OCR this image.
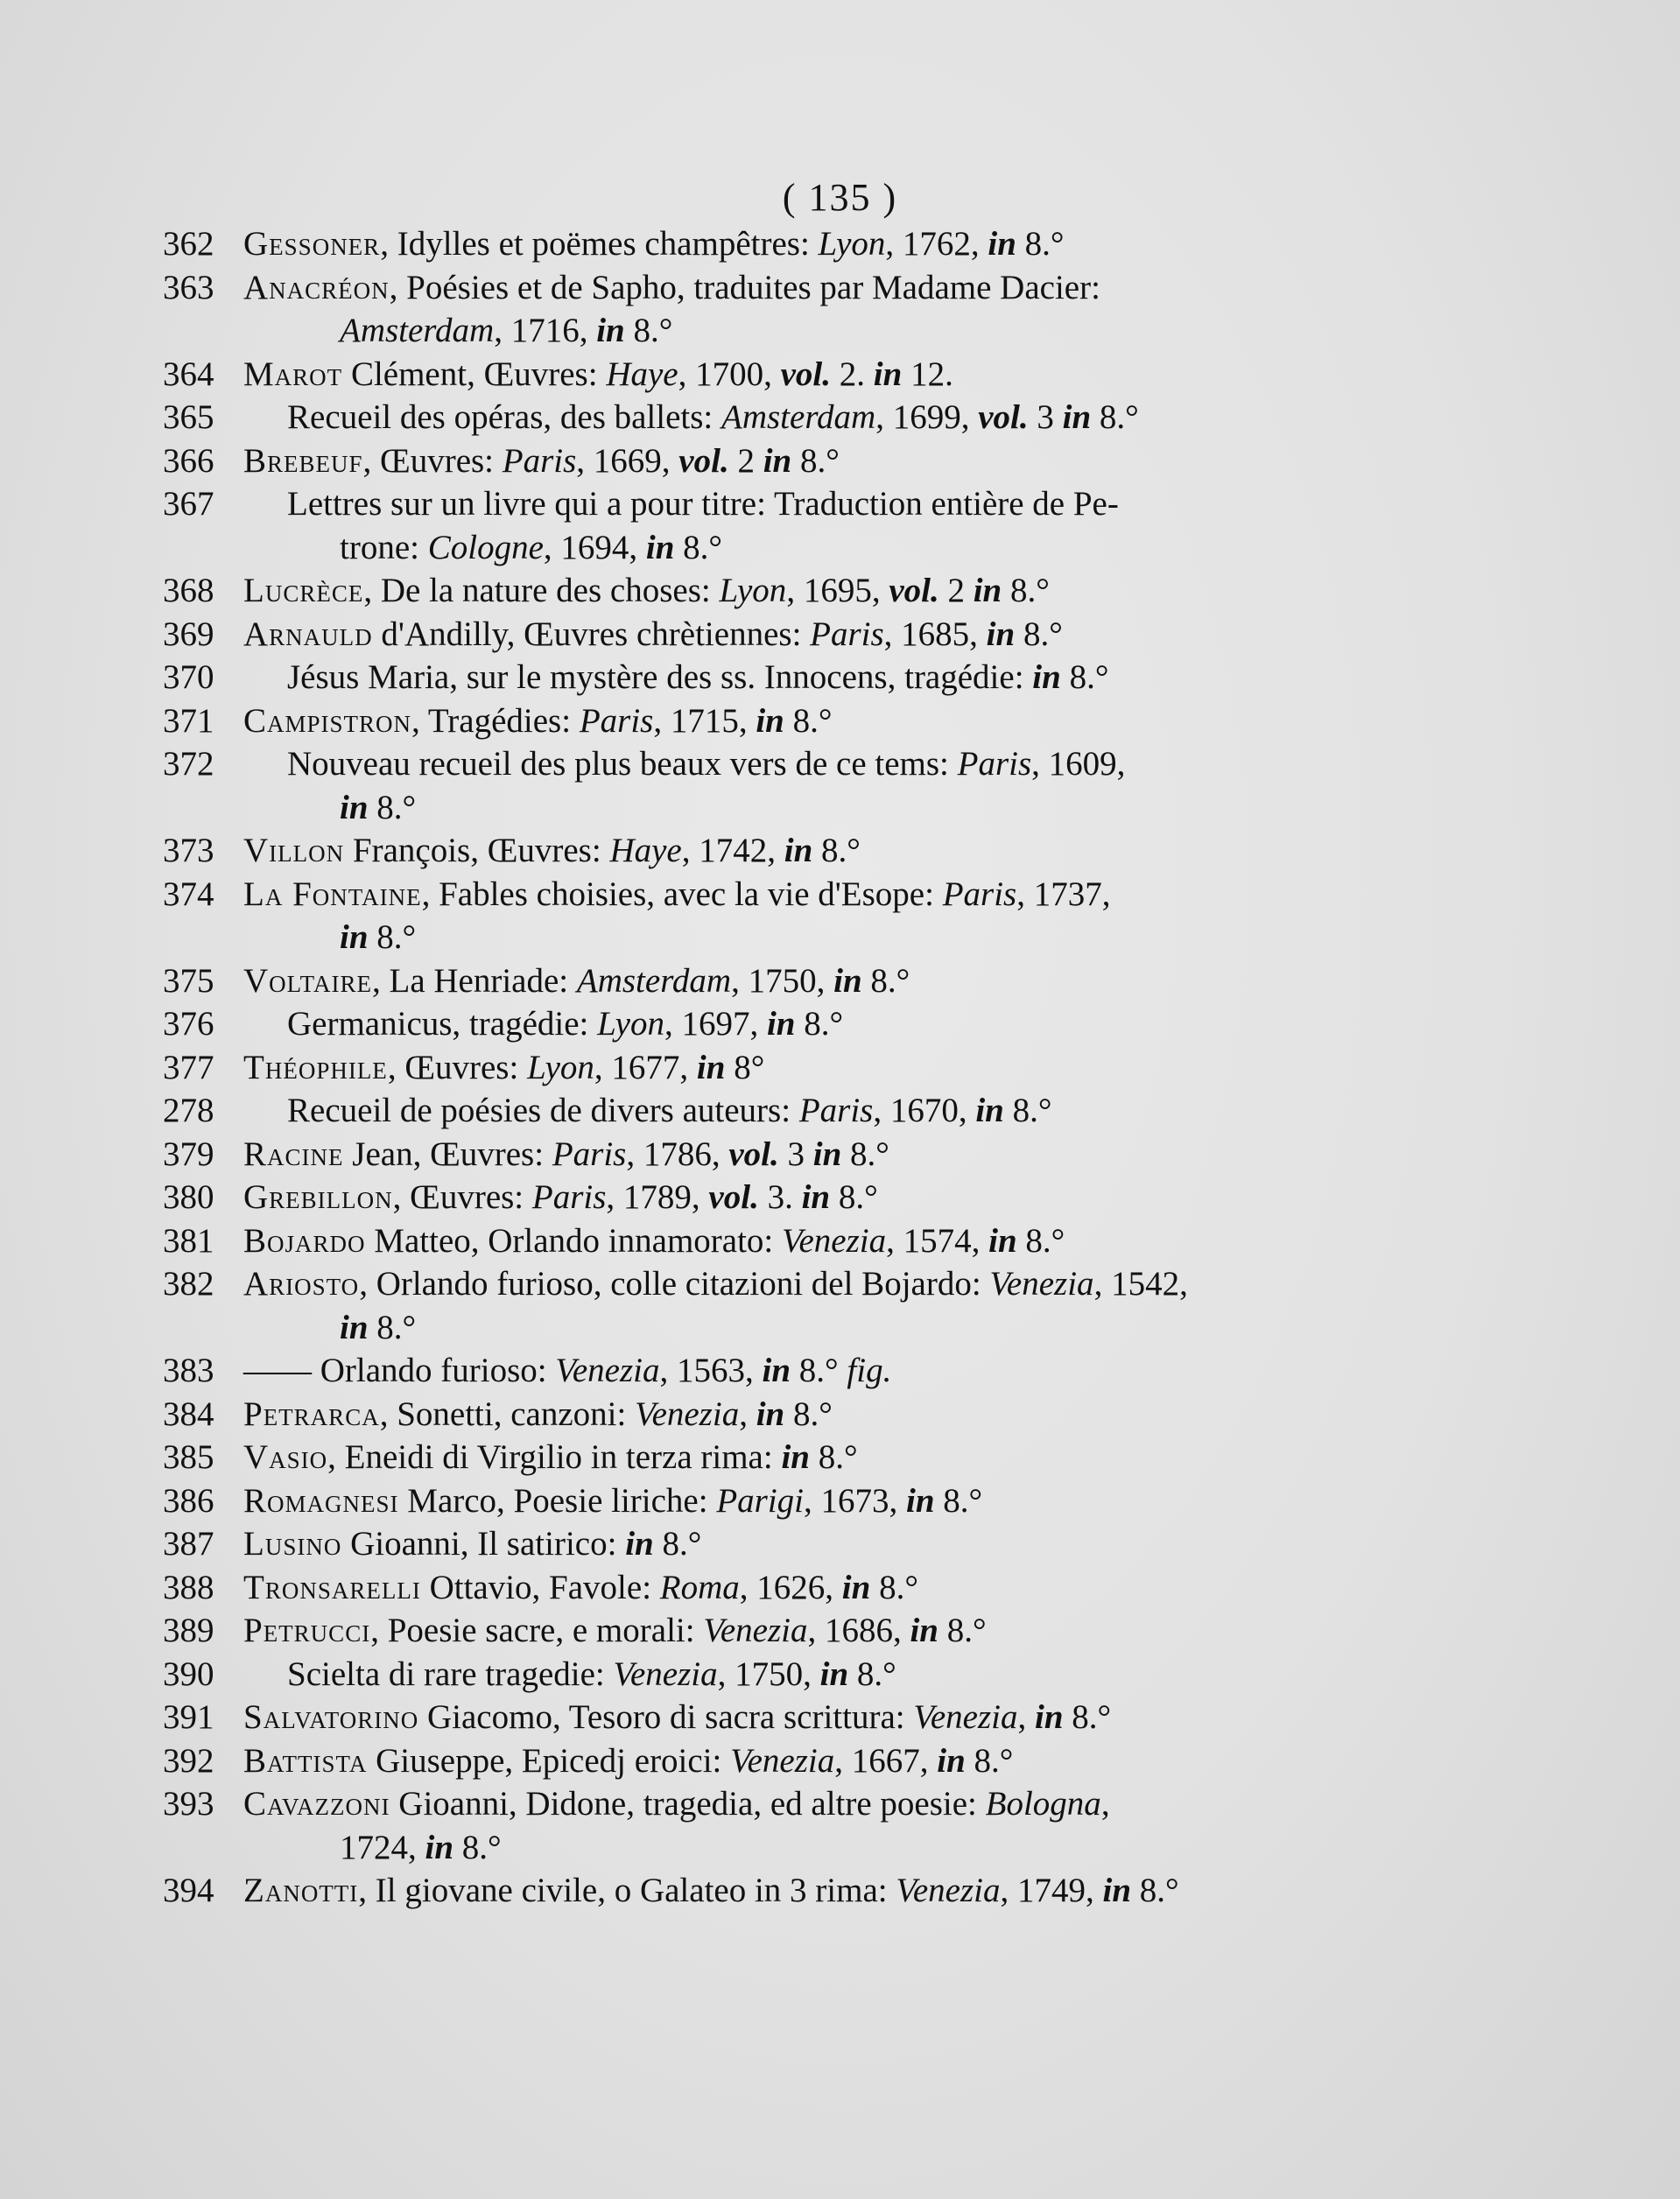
( 135 )
362 Gessoner, Idylles et poëmes champêtres: Lyon, 1762, in 8.°
363 Anacréon, Poésies et de Sapho, traduites par Madame Dacier:
Amsterdam, 1716, in 8.°
364 Marot Clément, Œuvres: Haye, 1700, vol. 2. in 12.
365	Recueil des opéras, des ballets: Amsterdam, 1699, vol. 3 in 8.°
366 Brebeuf, Œuvres: Paris, 1669, vol. 2 in 8.°
367	Lettres sur un livre qui a pour titre: Traduction entière de Pe-
trone: Cologne, 1694, in 8.°
368 Lucrèce, De la nature des choses: Lyon, 1695, vol. 2 in 8.°
369 Arnauld d'Andilly, Œuvres chrètiennes: Paris, 1685, in 8.°
370	Jésus Maria, sur le mystère des ss. Innocens, tragédie: in 8.°
371 Campistron, Tragédies: Paris, 1715, in 8.°
372	Nouveau recueil des plus beaux vers de ce tems: Paris, 1609,
in 8.°
373 Villon François, Œuvres: Haye, 1742, in 8.°
374 La Fontaine, Fables choisies, avec la vie d'Esope: Paris, 1737,
in 8.°
375 Voltaire, La Henriade: Amsterdam, 1750, in 8.°
376	Germanicus, tragédie: Lyon, 1697, in 8.°
377 Théophile, Œuvres: Lyon, 1677, in 8°
278	Recueil de poésies de divers auteurs: Paris, 1670, in 8.°
379 Racine Jean, Œuvres: Paris, 1786, vol. 3 in 8.°
380 Grebillon, Œuvres: Paris, 1789, vol. 3. in 8.°
381 Bojardo Matteo, Orlando innamorato: Venezia, 1574, in 8.°
382 Ariosto, Orlando furioso, colle citazioni del Bojardo: Venezia, 1542,
in 8.°
383 —— Orlando furioso: Venezia, 1563, in 8.° fig.
384 Petrarca, Sonetti, canzoni: Venezia, in 8.°
385 Vasio, Eneidi di Virgilio in terza rima: in 8.°
386 Romagnesi Marco, Poesie liriche: Parigi, 1673, in 8.°
387 Lusino Gioanni, Il satirico: in 8.°
388 Tronsarelli Ottavio, Favole: Roma, 1626, in 8.°
389 Petrucci, Poesie sacre, e morali: Venezia, 1686, in 8.°
390	Scielta di rare tragedie: Venezia, 1750, in 8.°
391 Salvatorino Giacomo, Tesoro di sacra scrittura: Venezia, in 8.°
392 Battista Giuseppe, Epicedj eroici: Venezia, 1667, in 8.°
393 Cavazzoni Gioanni, Didone, tragedia, ed altre poesie: Bologna,
1724, in 8.°
394 Zanotti, Il giovane civile, o Galateo in 3 rima: Venezia, 1749, in 8.°
